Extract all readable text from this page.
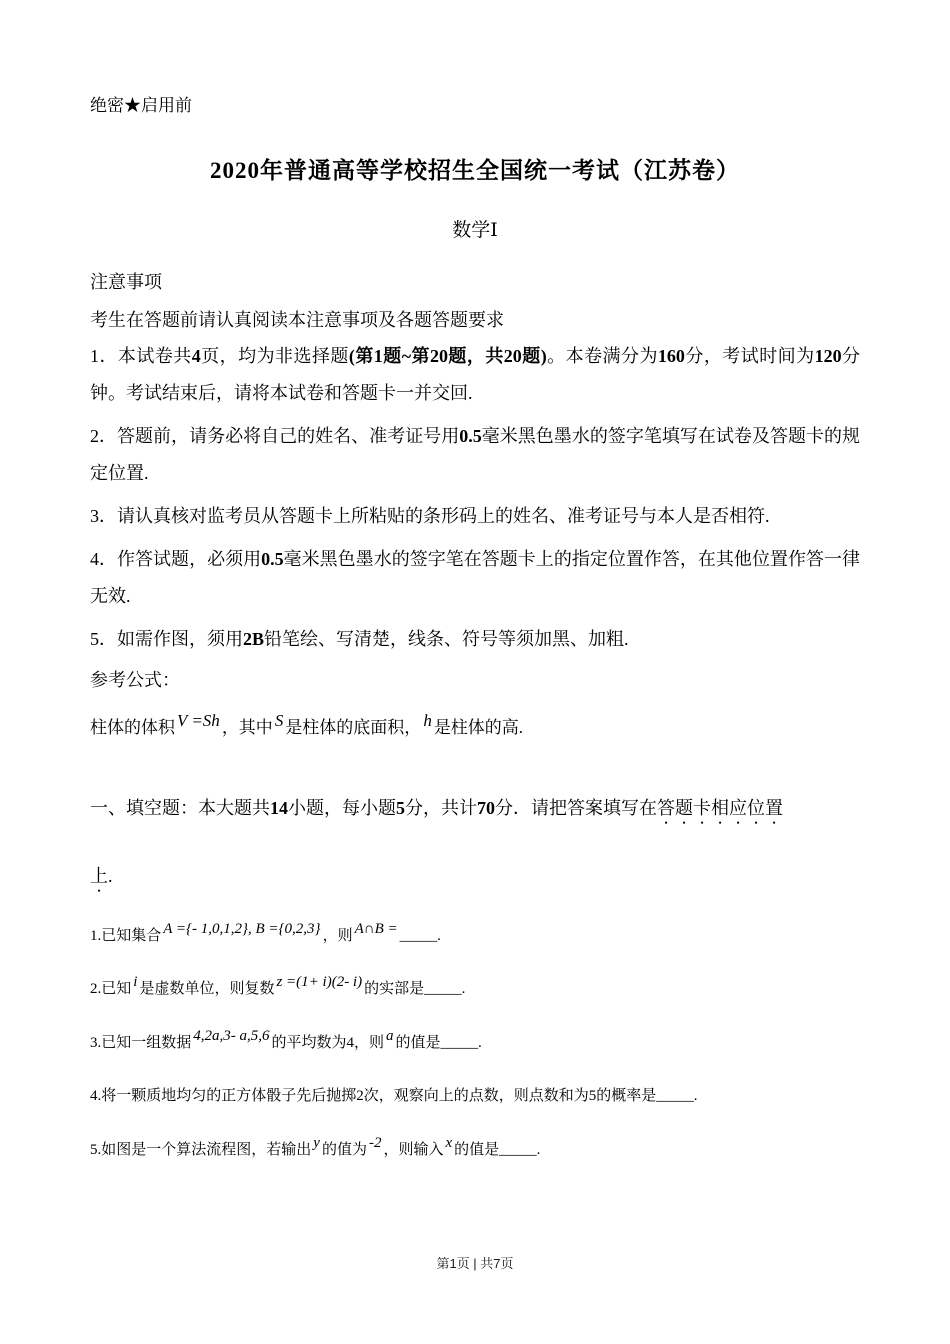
绝密★启用前
2020年普通高等学校招生全国统一考试（江苏卷）
数学Ⅰ
注意事项
考生在答题前请认真阅读本注意事项及各题答题要求

1．本试卷共4页，均为非选择题(第1题~第20题，共20题)。本卷满分为160分，考试时间为120分钟。考试结束后，请将本试卷和答题卡一并交回.

2．答题前，请务必将自己的姓名、准考证号用0.5毫米黑色墨水的签字笔填写在试卷及答题卡的规定位置.

3．请认真核对监考员从答题卡上所粘贴的条形码上的姓名、准考证号与本人是否相符.

4．作答试题，必须用0.5毫米黑色墨水的签字笔在答题卡上的指定位置作答，在其他位置作答一律无效.

5．如需作图，须用2B铅笔绘、写清楚，线条、符号等须加黑、加粗.

参考公式：
柱体的体积 V =Sh ，其中 S 是柱体的底面积， h 是柱体的高.
一、填空题：本大题共14小题，每小题5分，共计70分．请把答案填写在答题卡相应位置
上.

1.已知集合 A ={- 1,0,1,2}, B ={0,2,3} ，则 A∩B = _____.

2.已知 i 是虚数单位，则复数 z =(1+ i)(2- i) 的实部是_____.

3.已知一组数据 4,2a,3- a,5,6 的平均数为4，则 a 的值是_____.

4.将一颗质地均匀的正方体骰子先后抛掷2次，观察向上的点数，则点数和为5的概率是_____.

5.如图是一个算法流程图，若输出 y 的值为 -2 ，则输入 x 的值是_____.

第1页 | 共7页
